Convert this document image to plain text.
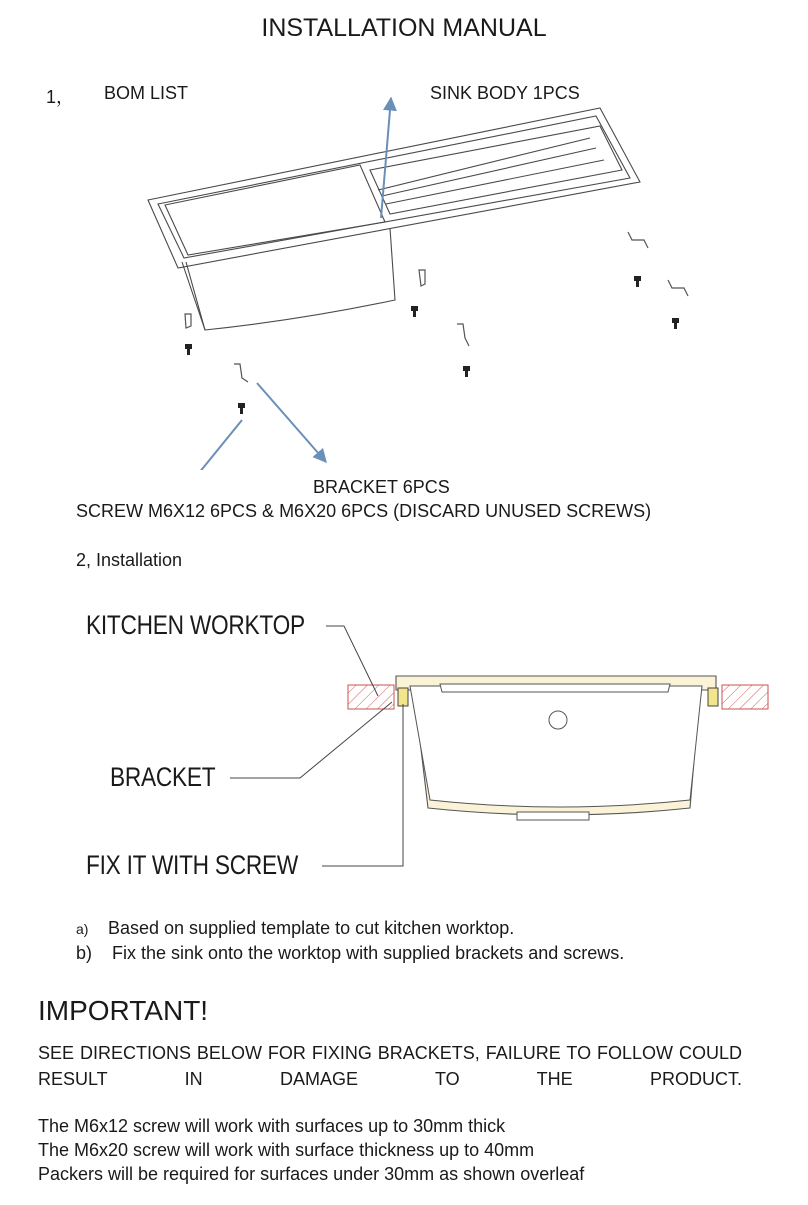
INSTALLATION MANUAL
1， BOM LIST	SINK BODY 1PCS
BRACKET 6PCS
SCREW M6X12 6PCS & M6X20 6PCS (DISCARD UNUSED SCREWS)
2, Installation
KITCHEN WORKTOP
BRACKET
FIX IT WITH SCREW
a) Based on supplied template to cut kitchen worktop.
b) Fix the sink onto the worktop with supplied brackets and screws.
IMPORTANT!
SEE DIRECTIONS BELOW FOR FIXING BRACKETS, FAILURE TO FOLLOW COULD RESULT IN DAMAGE TO THE PRODUCT.
The M6x12 screw will work with surfaces up to 30mm thick
The M6x20 screw will work with surface thickness up to 40mm
Packers will be required for surfaces under 30mm as shown overleaf
